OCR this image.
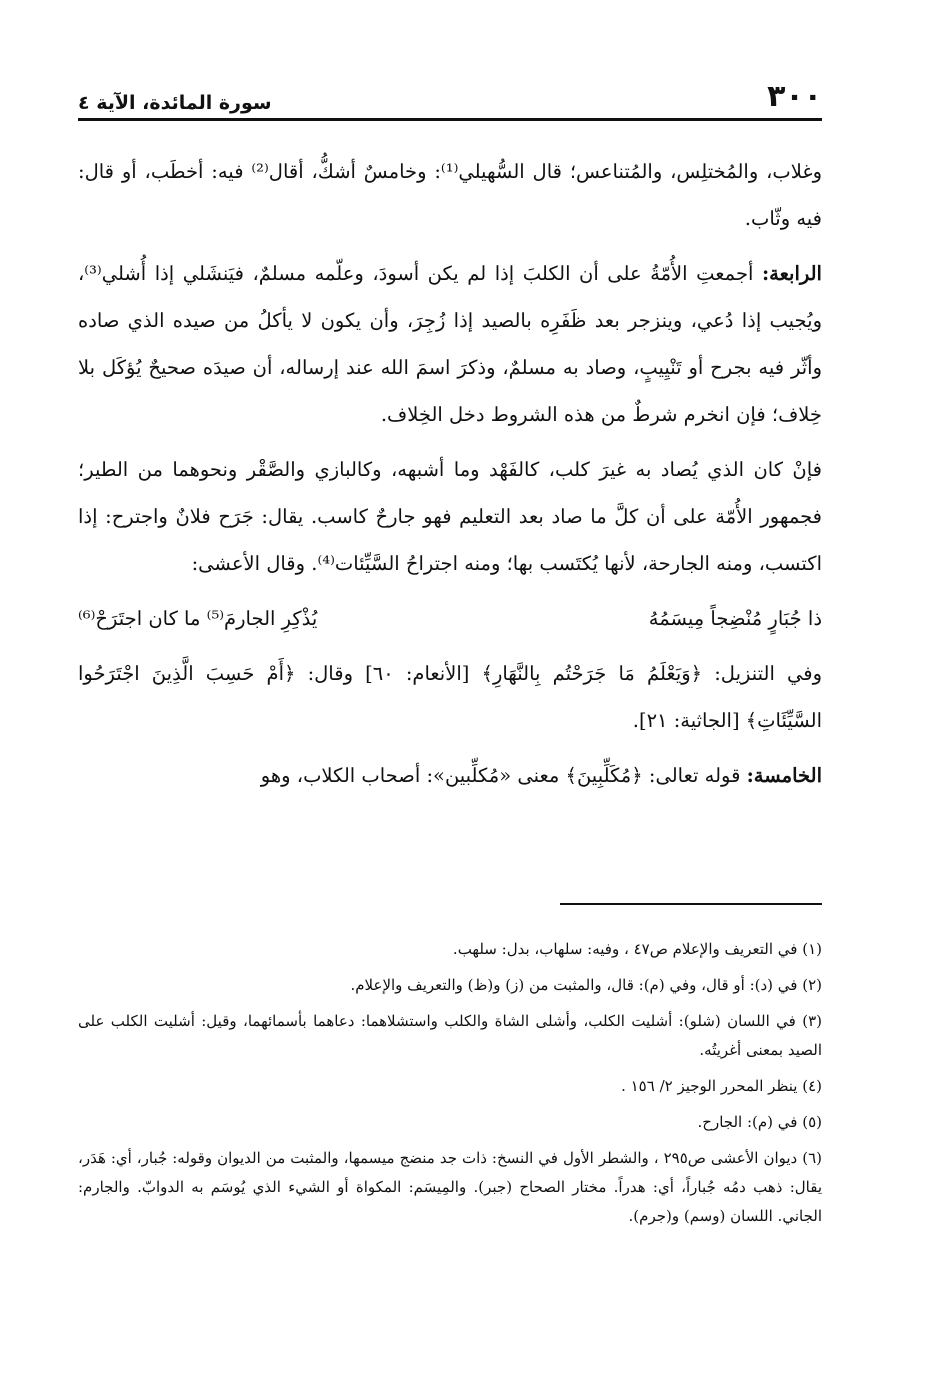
٣٠٠
سورة المائدة، الآية ٤

وغلاب، والمُختلِس، والمُتناعس؛ قال السُّهيلي⁽¹⁾: وخامسٌ أشكُّ، أقال⁽²⁾ فيه: أخطَب، أو قال: فيه وثّاب.

الرابعة: أجمعتِ الأُمّةُ على أن الكلبَ إذا لم يكن أسودَ، وعلّمه مسلمٌ، فيَنشَلي إذا أُشلي⁽³⁾، ويُجيب إذا دُعي، وينزجر بعد ظَفَرِه بالصيد إذا زُجِرَ، وأن يكون لا يأكلُ من صيده الذي صاده وأثّر فيه بجرح أو تَنْيِيبٍ، وصاد به مسلمٌ، وذكرَ اسمَ الله عند إرساله، أن صيدَه صحيحٌ يُؤكَل بلا خِلاف؛ فإن انخرم شرطٌ من هذه الشروط دخل الخِلاف.

فإنْ كان الذي يُصاد به غيرَ كلب، كالفَهْد وما أشبهه، وكالبازي والصَّقْر ونحوهما من الطير؛ فجمهور الأُمّة على أن كلَّ ما صاد بعد التعليم فهو جارحٌ كاسب. يقال: جَرَح فلانٌ واجترح: إذا اكتسب، ومنه الجارحة، لأنها يُكتَسب بها؛ ومنه اجتراحُ السَّيِّئات⁽⁴⁾. وقال الأعشى:

ذا جُبَارٍ مُنْضِجاً مِيسَمُهُ
يُذْكِرِ الجارمَ⁽⁵⁾ ما كان اجتَرَحْ⁽⁶⁾

وفي التنزيل: ﴿وَيَعْلَمُ مَا جَرَحْتُم بِالنَّهَارِ﴾ [الأنعام: ٦٠] وقال: ﴿أَمْ حَسِبَ الَّذِينَ اجْتَرَحُوا السَّيِّئَاتِ﴾ [الجاثية: ٢١].

الخامسة: قوله تعالى: ﴿مُكَلِّبِينَ﴾ معنى «مُكلِّبين»: أصحاب الكلاب، وهو

(١) في التعريف والإعلام ص٤٧ ، وفيه: سلهاب، بدل: سلهب.
(٢) في (د): أو قال، وفي (م): قال، والمثبت من (ز) و(ظ) والتعريف والإعلام.
(٣) في اللسان (شلو): أشليت الكلب، وأشلى الشاة والكلب واستشلاهما: دعاهما بأسمائهما، وقيل: أشليت الكلب على الصيد بمعنى أغريتُه.
(٤) ينظر المحرر الوجيز ٢/ ١٥٦ .
(٥) في (م): الجارح.
(٦) ديوان الأعشى ص٢٩٥ ، والشطر الأول في النسخ: ذات جد منضج ميسمها، والمثبت من الديوان وقوله: جُبار، أي: هَدَر، يقال: ذهب دمُه جُباراً، أي: هدراً. مختار الصحاح (جبر). والمِيسَم: المكواة أو الشيء الذي يُوسَم به الدوابّ. والجارم: الجاني. اللسان (وسم) و(جرم).
